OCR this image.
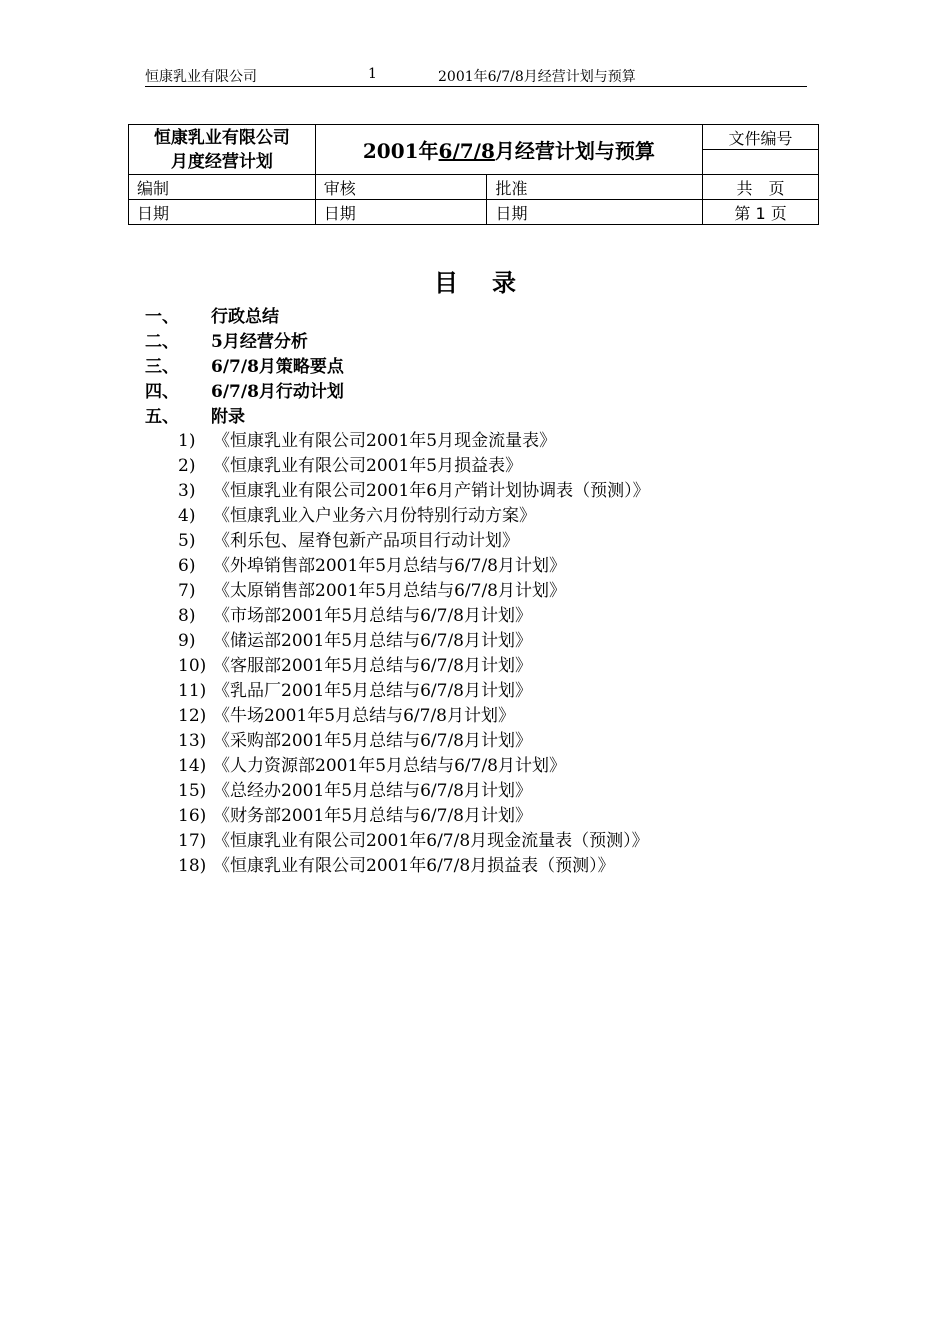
恒康乳业有限公司	1	2001年6/7/8月经营计划与预算
恒康乳业有限公司
月度经营计划	2001年6/7/8月经营计划与预算		文件编号

编制	审核	批准	共　页
日期	日期	日期	第 1 页
目录
一、 行政总结
二、 5月经营分析
三、 6/7/8月策略要点
四、 6/7/8月行动计划
五、 附录
1) 《恒康乳业有限公司2001年5月现金流量表》
2) 《恒康乳业有限公司2001年5月损益表》
3) 《恒康乳业有限公司2001年6月产销计划协调表（预测）》
4) 《恒康乳业入户业务六月份特别行动方案》
5) 《利乐包、屋脊包新产品项目行动计划》
6) 《外埠销售部2001年5月总结与6/7/8月计划》
7) 《太原销售部2001年5月总结与6/7/8月计划》
8) 《市场部2001年5月总结与6/7/8月计划》
9) 《储运部2001年5月总结与6/7/8月计划》
10) 《客服部2001年5月总结与6/7/8月计划》
11) 《乳品厂2001年5月总结与6/7/8月计划》
12) 《牛场2001年5月总结与6/7/8月计划》
13) 《采购部2001年5月总结与6/7/8月计划》
14) 《人力资源部2001年5月总结与6/7/8月计划》
15) 《总经办2001年5月总结与6/7/8月计划》
16) 《财务部2001年5月总结与6/7/8月计划》
17) 《恒康乳业有限公司2001年6/7/8月现金流量表（预测）》
18) 《恒康乳业有限公司2001年6/7/8月损益表（预测）》
